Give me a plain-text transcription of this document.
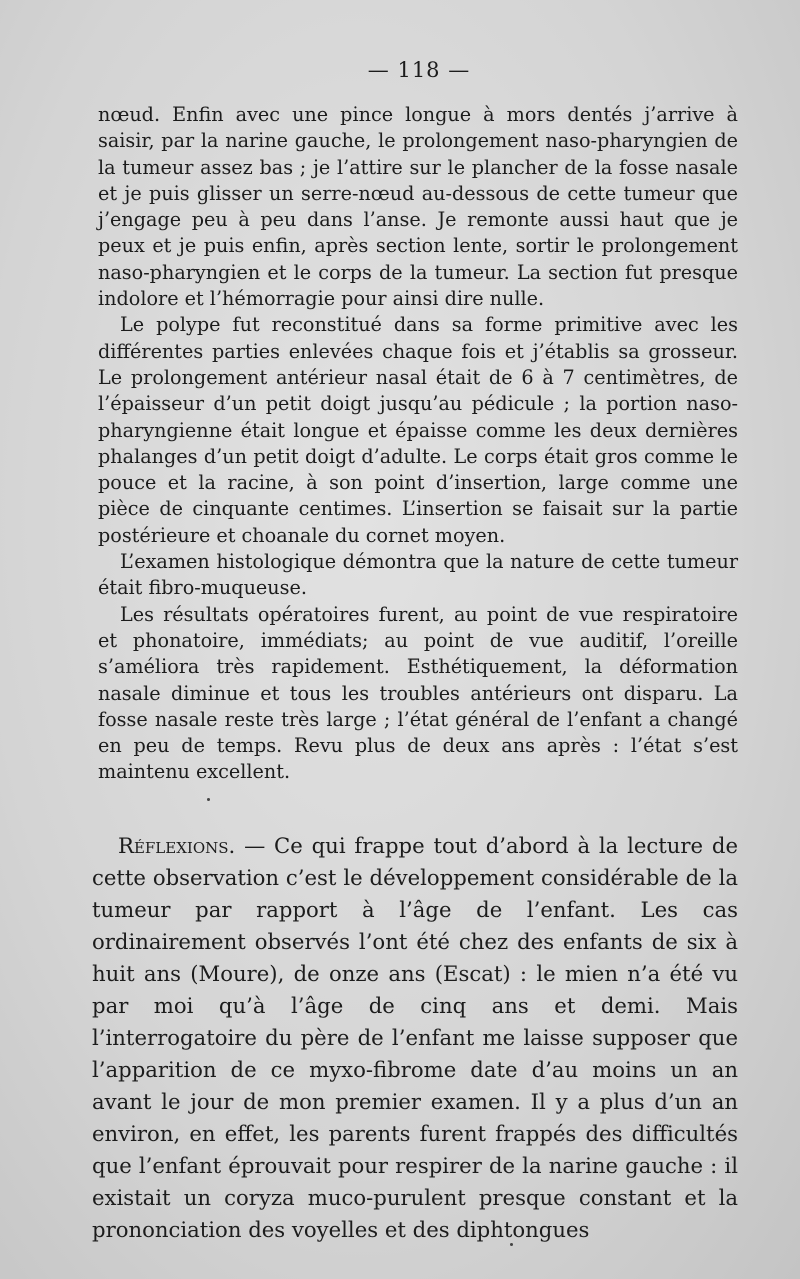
— 118 —

nœud. Enfin avec une pince longue à mors dentés j’arrive à saisir, par la narine gauche, le prolongement naso-pharyngien de la tumeur assez bas ; je l’attire sur le plancher de la fosse nasale et je puis glisser un serre-nœud au-dessous de cette tumeur que j’engage peu à peu dans l’anse. Je remonte aussi haut que je peux et je puis enfin, après section lente, sortir le prolongement naso-pharyngien et le corps de la tumeur. La section fut presque indolore et l’hémorragie pour ainsi dire nulle.

Le polype fut reconstitué dans sa forme primitive avec les différentes parties enlevées chaque fois et j’établis sa grosseur. Le prolongement antérieur nasal était de 6 à 7 centimètres, de l’épaisseur d’un petit doigt jusqu’au pédicule ; la portion naso-pharyngienne était longue et épaisse comme les deux dernières phalanges d’un petit doigt d’adulte. Le corps était gros comme le pouce et la racine, à son point d’insertion, large comme une pièce de cinquante centimes. L’insertion se faisait sur la partie postérieure et choanale du cornet moyen.

L’examen histologique démontra que la nature de cette tumeur était fibro-muqueuse.

Les résultats opératoires furent, au point de vue respiratoire et phonatoire, immédiats; au point de vue auditif, l’oreille s’améliora très rapidement. Esthétiquement, la déformation nasale diminue et tous les troubles antérieurs ont disparu. La fosse nasale reste très large ; l’état général de l’enfant a changé en peu de temps. Revu plus de deux ans après : l’état s’est maintenu excellent.

Réflexions. — Ce qui frappe tout d’abord à la lecture de cette observation c’est le développement considérable de la tumeur par rapport à l’âge de l’enfant. Les cas ordinairement observés l’ont été chez des enfants de six à huit ans (Moure), de onze ans (Escat) : le mien n’a été vu par moi qu’à l’âge de cinq ans et demi. Mais l’interrogatoire du père de l’enfant me laisse supposer que l’apparition de ce myxo-fibrome date d’au moins un an avant le jour de mon premier examen. Il y a plus d’un an environ, en effet, les parents furent frappés des difficultés que l’enfant éprouvait pour respirer de la narine gauche : il existait un coryza muco-purulent presque constant et la prononciation des voyelles et des diphtongues
